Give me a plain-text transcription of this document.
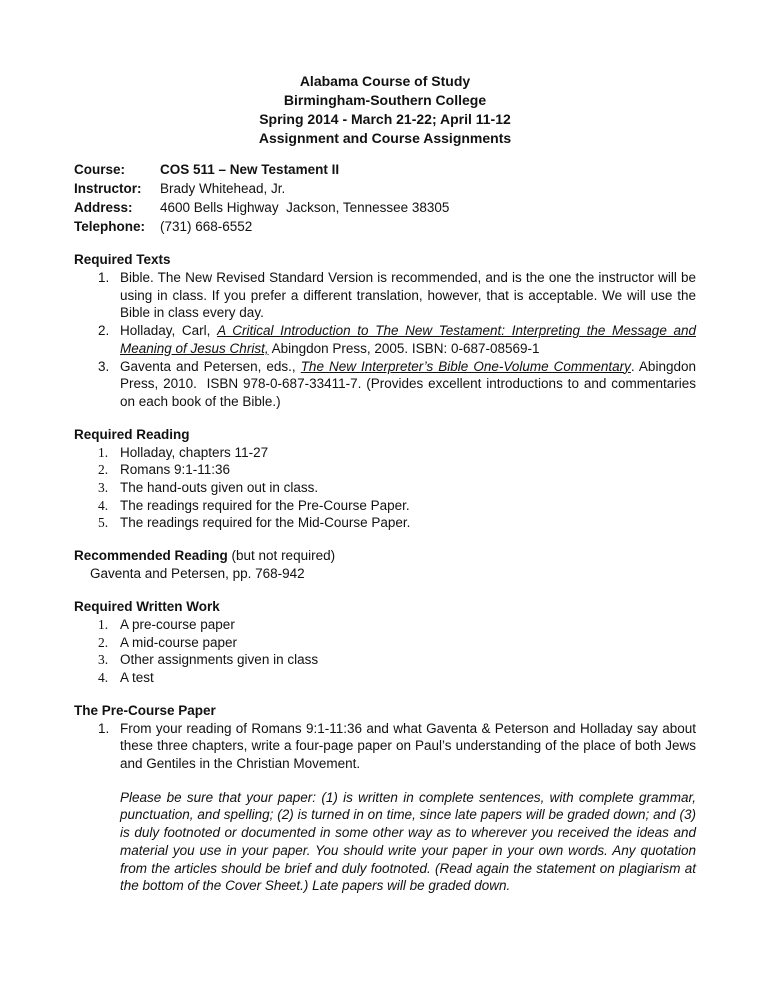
Alabama Course of Study
Birmingham-Southern College
Spring 2014 - March 21-22; April 11-12
Assignment and Course Assignments
Course:	COS 511 – New Testament II
Instructor:	Brady Whitehead, Jr.
Address:	4600 Bells Highway  Jackson, Tennessee 38305
Telephone:	(731) 668-6552
Required Texts
1. Bible. The New Revised Standard Version is recommended, and is the one the instructor will be using in class. If you prefer a different translation, however, that is acceptable. We will use the Bible in class every day.
2. Holladay, Carl, A Critical Introduction to The New Testament: Interpreting the Message and Meaning of Jesus Christ, Abingdon Press, 2005. ISBN: 0-687-08569-1
3. Gaventa and Petersen, eds., The New Interpreter’s Bible One-Volume Commentary. Abingdon Press, 2010.  ISBN 978-0-687-33411-7. (Provides excellent introductions to and commentaries on each book of the Bible.)
Required Reading
1. Holladay, chapters 11-27
2. Romans 9:1-11:36
3. The hand-outs given out in class.
4. The readings required for the Pre-Course Paper.
5. The readings required for the Mid-Course Paper.
Recommended Reading (but not required)
Gaventa and Petersen, pp. 768-942
Required Written Work
1. A pre-course paper
2. A mid-course paper
3. Other assignments given in class
4. A test
The Pre-Course Paper
1. From your reading of Romans 9:1-11:36 and what Gaventa & Peterson and Holladay say about these three chapters, write a four-page paper on Paul’s understanding of the place of both Jews and Gentiles in the Christian Movement.
Please be sure that your paper: (1) is written in complete sentences, with complete grammar, punctuation, and spelling; (2) is turned in on time, since late papers will be graded down; and (3) is duly footnoted or documented in some other way as to wherever you received the ideas and material you use in your paper. You should write your paper in your own words. Any quotation from the articles should be brief and duly footnoted. (Read again the statement on plagiarism at the bottom of the Cover Sheet.) Late papers will be graded down.
